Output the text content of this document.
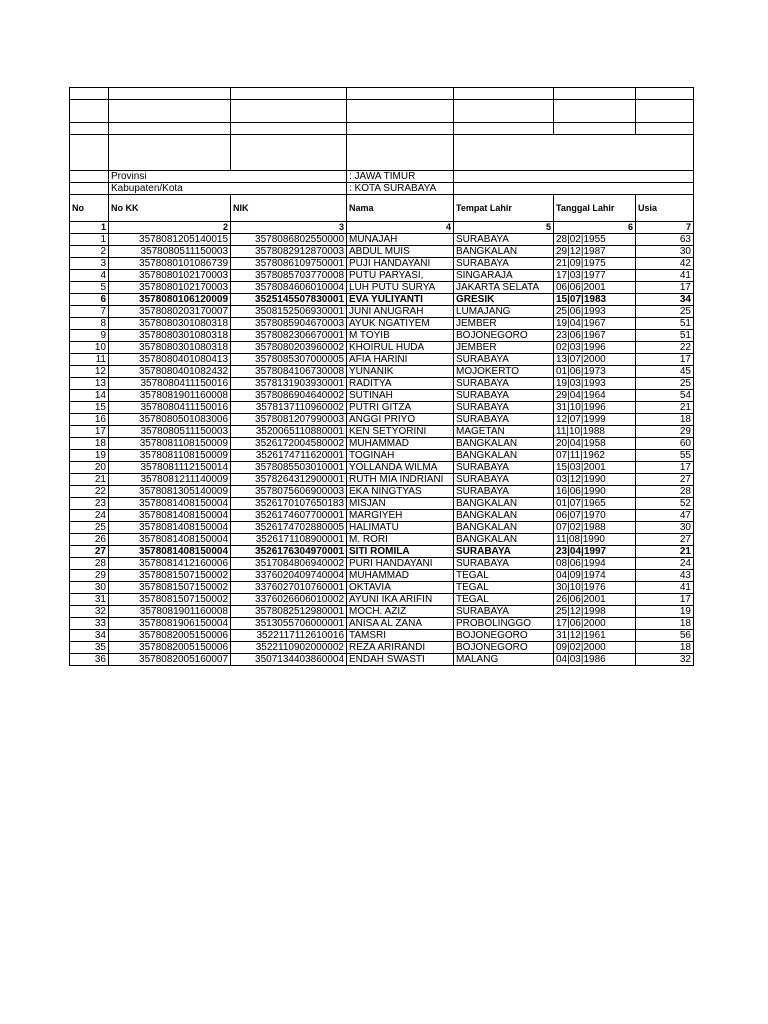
	Provinsi		: JAWA TIMUR			
	Kabupaten/Kota		: KOTA SURABAYA			
No	No KK	NIK	Nama	Tempat Lahir	Tanggal Lahir	Usia
1	2	3	4	5	6	7
1	3578081205140015	3578086802550000	MUNAJAH	SURABAYA	28|02|1955	63
2	3578080511150003	3578082912870003	ABDUL MUIS	BANGKALAN	29|12|1987	30
3	3578080101086739	3578086109750001	PUJI HANDAYANI	SURABAYA	21|09|1975	42
4	3578080102170003	3578085703770008	PUTU PARYASI,	SINGARAJA	17|03|1977	41
5	3578080102170003	3578084606010004	LUH PUTU SURYA	JAKARTA SELATA	06|06|2001	17
6	3578080106120009	3525145507830001	EVA YULIYANTI	GRESIK	15|07|1983	34
7	3578080203170007	3508152506930001	JUNI ANUGRAH	LUMAJANG	25|06|1993	25
8	3578080301080318	3578085904670003	AYUK NGATIYEM	JEMBER	19|04|1967	51
9	3578080301080318	3578082306670001	M TOYIB	BOJONEGORO	23|06|1967	51
10	3578080301080318	3578080203960002	KHOIRUL HUDA	JEMBER	02|03|1996	22
11	3578080401080413	3578085307000005	AFIA HARINI	SURABAYA	13|07|2000	17
12	3578080401082432	3578084106730008	YUNANIK	MOJOKERTO	01|06|1973	45
13	3578080411150016	3578131903930001	RADITYA	SURABAYA	19|03|1993	25
14	3578081901160008	3578086904640002	SUTINAH	SURABAYA	29|04|1964	54
15	3578080411150016	3578137110960002	PUTRI GITZA	SURABAYA	31|10|1996	21
16	3578080501083006	3578081207990003	ANGGI PRIYO	SURABAYA	12|07|1999	18
17	3578080511150003	3520065110880001	KEN SETYORINI	MAGETAN	11|10|1988	29
18	3578081108150009	3526172004580002	MUHAMMAD	BANGKALAN	20|04|1958	60
19	3578081108150009	3526174711620001	TOGINAH	BANGKALAN	07|11|1962	55
20	3578081112150014	3578085503010001	YOLLANDA WILMA	SURABAYA	15|03|2001	17
21	3578081211140009	3578264312900001	RUTH MIA INDRIANI	SURABAYA	03|12|1990	27
22	3578081305140009	3578075606900003	EKA NINGTYAS	SURABAYA	16|06|1990	28
23	3578081408150004	3526170107650183	MISJAN	BANGKALAN	01|07|1965	52
24	3578081408150004	3526174607700001	MARGIYEH	BANGKALAN	06|07|1970	47
25	3578081408150004	3526174702880005	HALIMATU	BANGKALAN	07|02|1988	30
26	3578081408150004	3526171108900001	M. RORI	BANGKALAN	11|08|1990	27
27	3578081408150004	3526176304970001	SITI ROMILA	SURABAYA	23|04|1997	21
28	3578081412160006	3517084806940002	PURI HANDAYANI	SURABAYA	08|06|1994	24
29	3578081507150002	3376020409740004	MUHAMMAD	TEGAL	04|09|1974	43
30	3578081507150002	3376027010760001	OKTAVIA	TEGAL	30|10|1976	41
31	3578081507150002	3376026606010002	AYUNI IKA ARIFIN	TEGAL	26|06|2001	17
32	3578081901160008	3578082512980001	MOCH. AZIZ	SURABAYA	25|12|1998	19
33	3578081906150004	3513055706000001	ANISA AL ZANA	PROBOLINGGO	17|06|2000	18
34	3578082005150006	3522117112610016	TAMSRI	BOJONEGORO	31|12|1961	56
35	3578082005150006	3522110902000002	REZA ARIRANDI	BOJONEGORO	09|02|2000	18
36	3578082005160007	3507134403860004	ENDAH SWASTI	MALANG	04|03|1986	32
